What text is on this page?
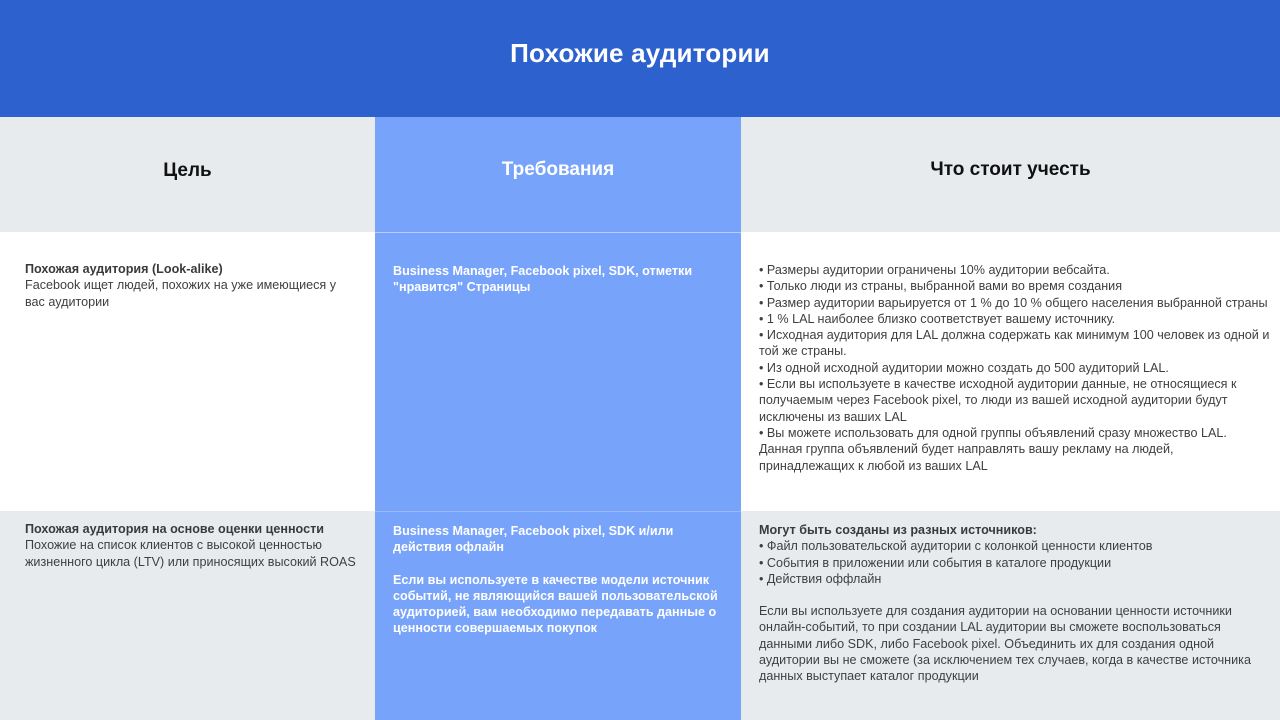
Похожие аудитории
Цель	Требования	Что стоит учесть

Похожая аудитория (Look-alike)

Facebook ищет людей, похожих на уже имеющиеся у вас аудитории

Business Manager, Facebook pixel, SDK, отметки "нравится" Страницы

• Размеры аудитории ограничены 10% аудитории вебсайта.

• Только люди из страны, выбранной вами во время создания

• Размер аудитории варьируется от 1 % до 10 % общего населения выбранной страны

• 1 % LAL наиболее близко соответствует вашему источнику.

• Исходная аудитория для LAL должна содержать как минимум 100 человек из одной и той же страны.

• Из одной исходной аудитории можно создать до 500 аудиторий LAL.

• Если вы используете в качестве исходной аудитории данные, не относящиеся к получаемым через Facebook pixel, то люди из вашей исходной аудитории будут исключены из ваших LAL

• Вы можете использовать для одной группы объявлений сразу множество LAL. Данная группа объявлений будет направлять вашу рекламу на людей, принадлежащих к любой из ваших LAL

Похожая аудитория на основе оценки ценности

Похожие на список клиентов с высокой ценностью жизненного цикла (LTV) или приносящих высокий ROAS

Business Manager, Facebook pixel, SDK и/или действия офлайн

Если вы используете в качестве модели источник событий, не являющийся вашей пользовательской аудиторией, вам необходимо передавать данные о ценности совершаемых покупок

Могут быть созданы из разных источников:

• Файл пользовательской аудитории с колонкой ценности клиентов

• События в приложении или события в каталоге продукции

• Действия оффлайн

Если вы используете для создания аудитории на основании ценности источники онлайн-событий, то при создании LAL аудитории вы сможете воспользоваться данными либо SDK, либо Facebook pixel. Объединить их для создания одной аудитории вы не сможете (за исключением тех случаев, когда в качестве источника данных выступает каталог продукции
